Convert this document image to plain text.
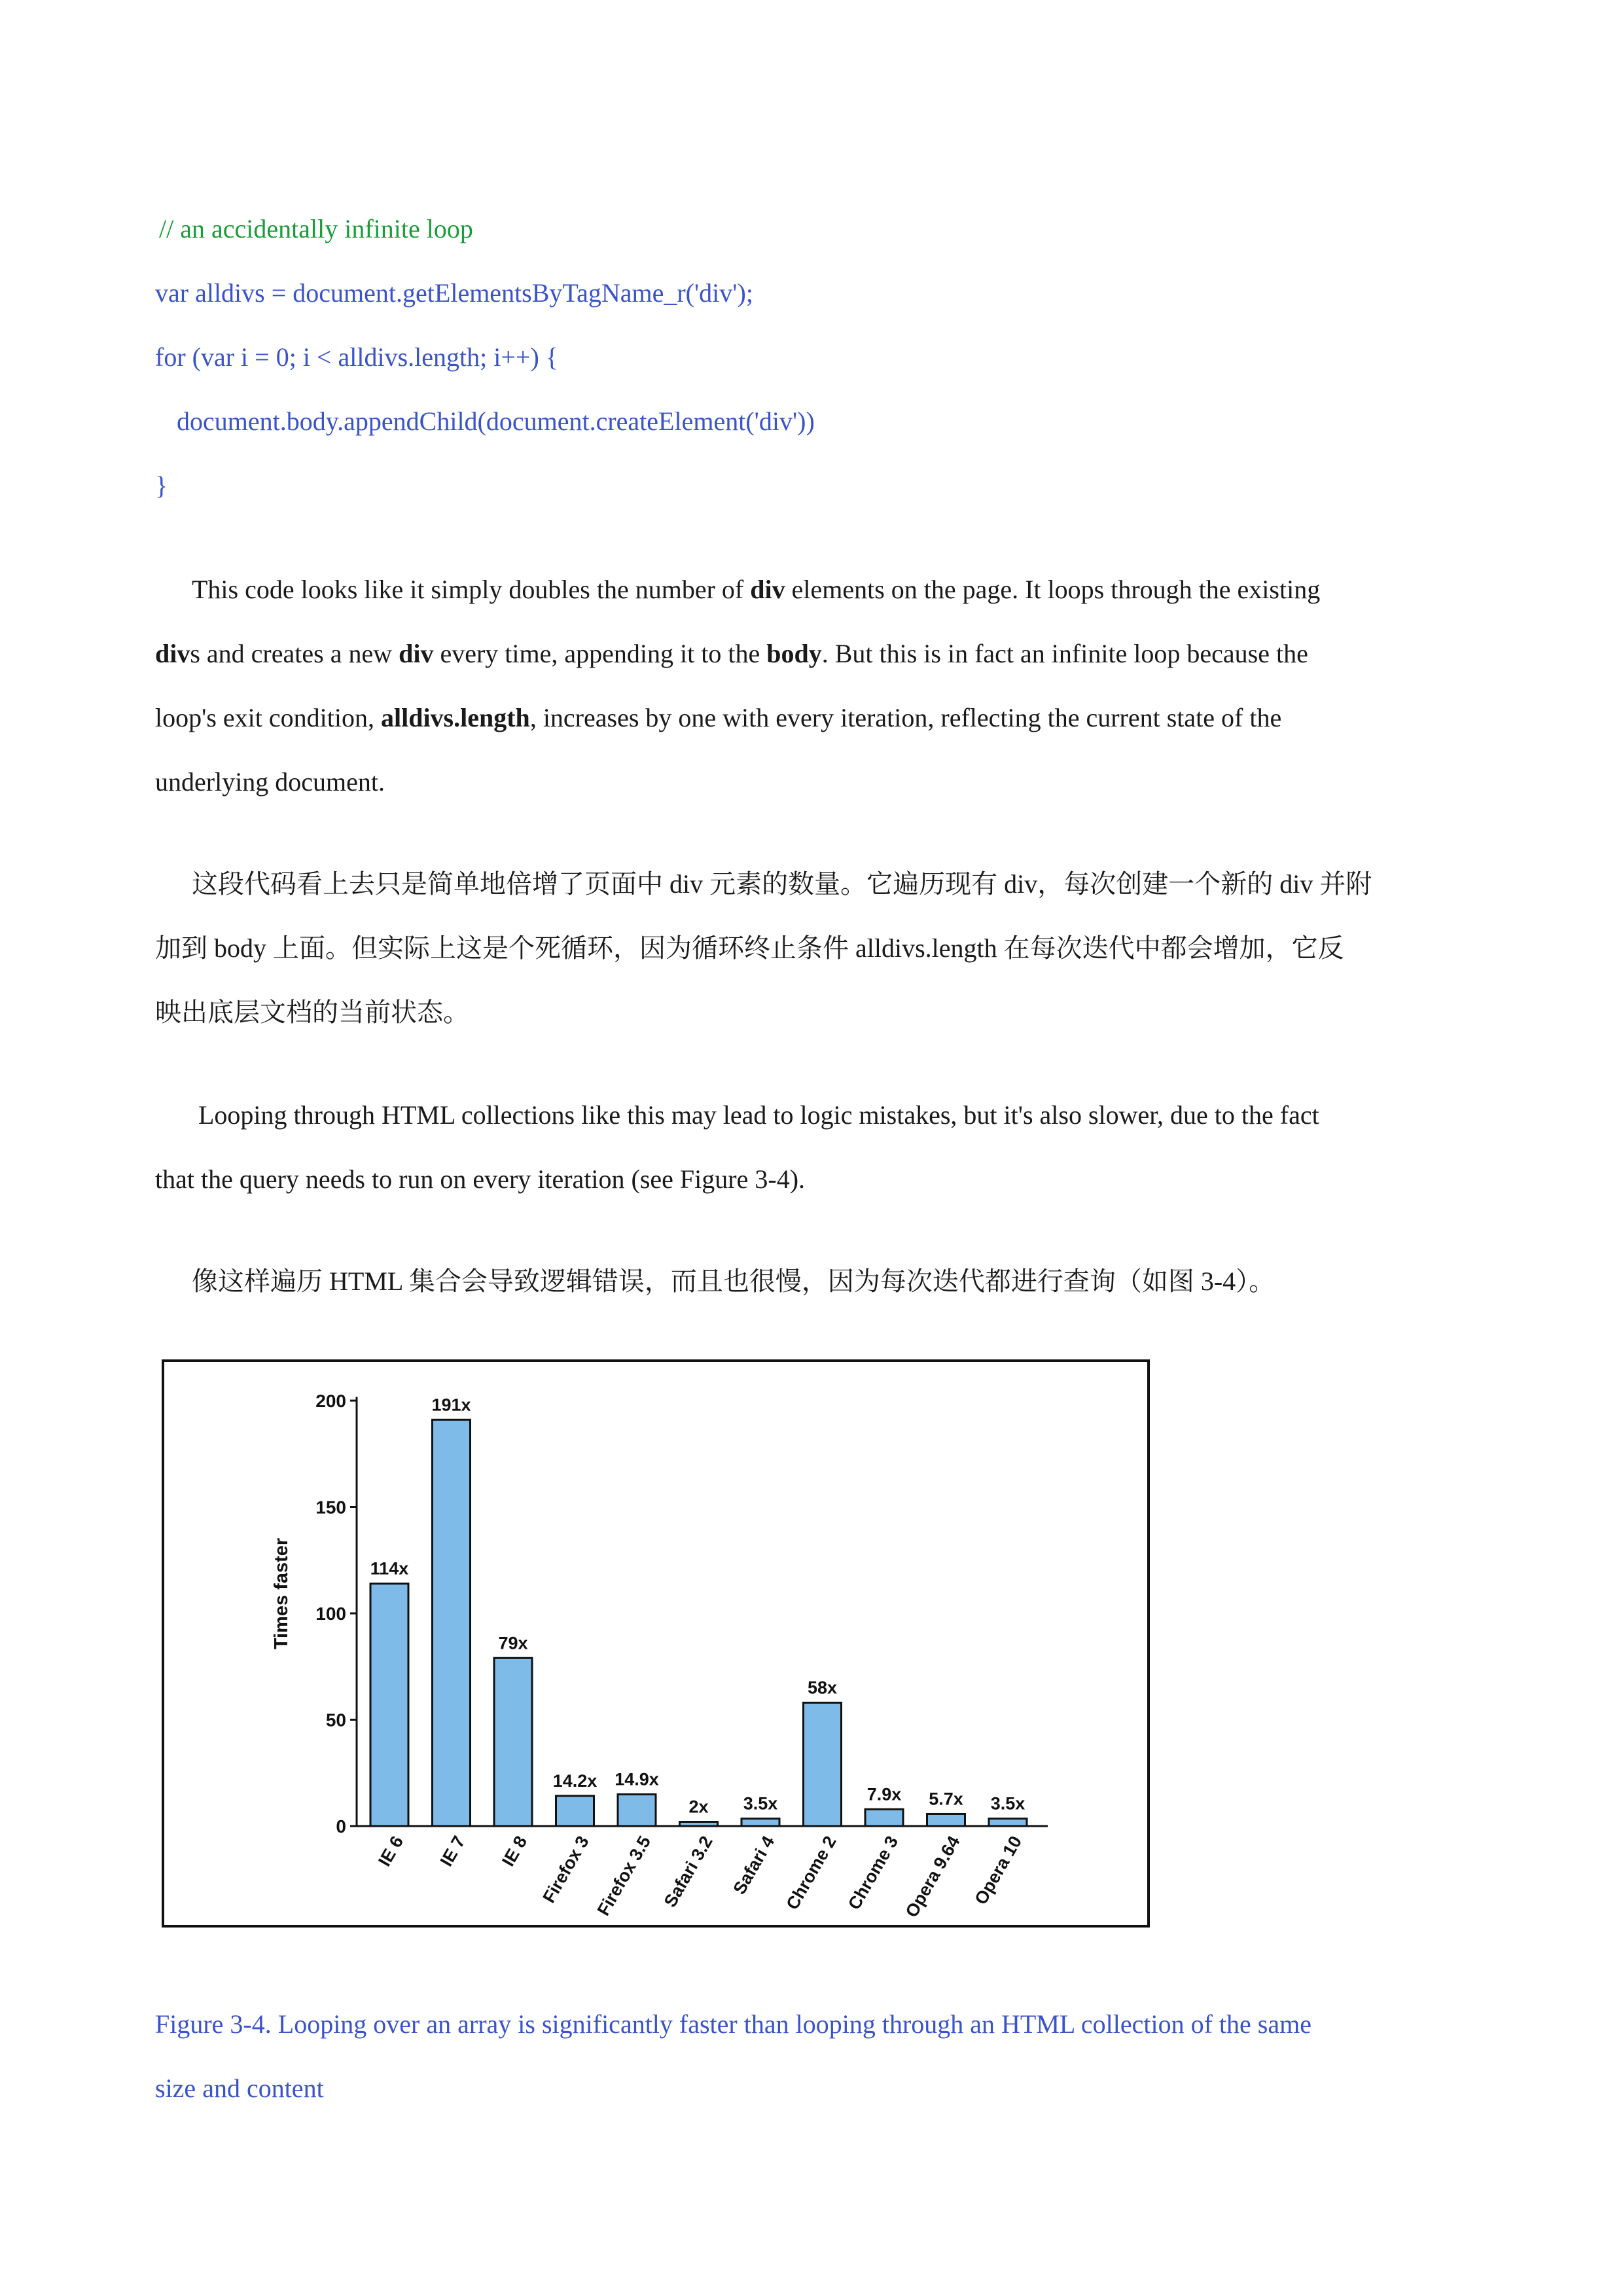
// an accidentally infinite loop
var alldivs = document.getElementsByTagName_r('div');
for (var i = 0; i < alldivs.length; i++) {
document.body.appendChild(document.createElement('div'))
}
This code looks like it simply doubles the number of div elements on the page. It loops through the existing
divs and creates a new div every time, appending it to the body. But this is in fact an infinite loop because the
loop's exit condition, alldivs.length, increases by one with every iteration, reflecting the current state of the
underlying document.
这段代码看上去只是简单地倍增了页面中 div 元素的数量。它遍历现有 div，每次创建一个新的 div 并附
加到 body 上面。但实际上这是个死循环，因为循环终止条件 alldivs.length 在每次迭代中都会增加，它反
映出底层文档的当前状态。
Looping through HTML collections like this may lead to logic mistakes, but it's also slower, due to the fact
that the query needs to run on every iteration (see Figure 3-4).
像这样遍历 HTML 集合会导致逻辑错误，而且也很慢，因为每次迭代都进行查询（如图 3-4）。
0
50
100
150
200
Times faster	114x
IE 6
191x
IE 7
79x
IE 8
14.2x
Firefox 3
14.9x
Firefox 3.5
2x
Safari 3.2
3.5x
Safari 4
58x
Chrome 2
7.9x
Chrome 3
5.7x
Opera 9.64
3.5x
Opera 10
Figure 3-4. Looping over an array is significantly faster than looping through an HTML collection of the same
size and content
